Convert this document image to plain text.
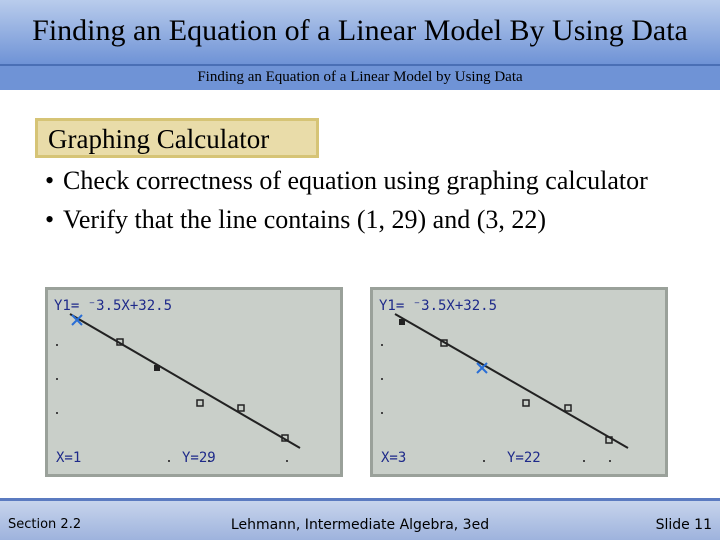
Finding an Equation of a Linear Model By Using Data
Finding an Equation of a Linear Model by Using Data
Graphing Calculator
• Check correctness of equation using graphing calculator
• Verify that the line contains (1, 29) and (3, 22)
Y1= ⁻3.5X+32.5
X=1	Y=29
Y1= ⁻3.5X+32.5
X=3	Y=22
Section 2.2	Lehmann, Intermediate Algebra, 3ed	Slide 11
